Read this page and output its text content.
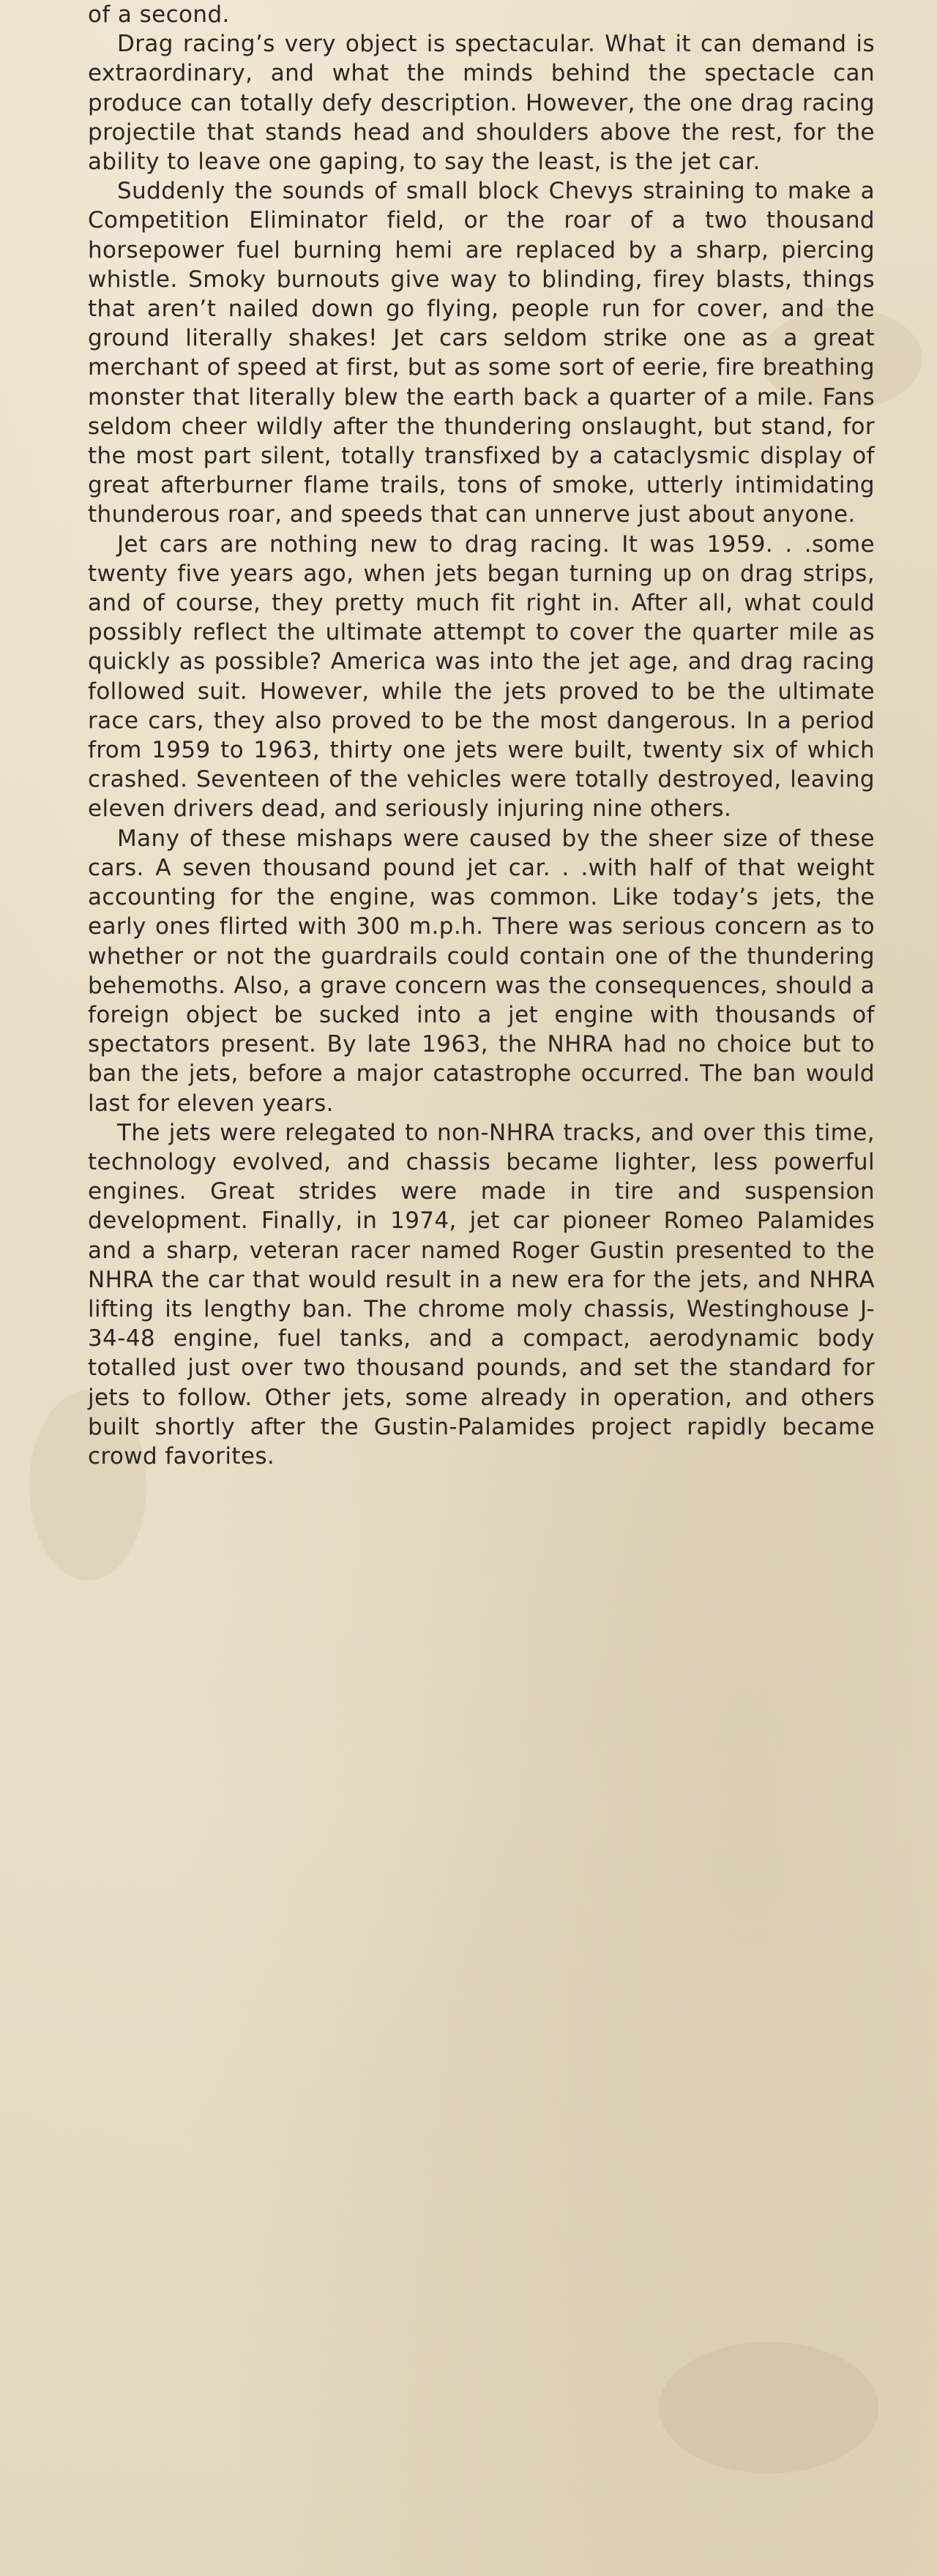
of a second.

Drag racing’s very object is spectacular. What it can demand is extraordinary, and what the minds behind the spectacle can produce can totally defy description. However, the one drag racing projectile that stands head and shoulders above the rest, for the ability to leave one gaping, to say the least, is the jet car.

Suddenly the sounds of small block Chevys straining to make a Competition Eliminator field, or the roar of a two thousand horsepower fuel burning hemi are replaced by a sharp, piercing whistle. Smoky burnouts give way to blinding, firey blasts, things that aren’t nailed down go flying, people run for cover, and the ground literally shakes! Jet cars seldom strike one as a great merchant of speed at first, but as some sort of eerie, fire breathing monster that literally blew the earth back a quarter of a mile. Fans seldom cheer wildly after the thundering onslaught, but stand, for the most part silent, totally transfixed by a cataclysmic display of great afterburner flame trails, tons of smoke, utterly intimidating thunderous roar, and speeds that can unnerve just about anyone.

Jet cars are nothing new to drag racing. It was 1959. . .some twenty five years ago, when jets began turning up on drag strips, and of course, they pretty much fit right in. After all, what could possibly reflect the ultimate attempt to cover the quarter mile as quickly as possible? America was into the jet age, and drag racing followed suit. However, while the jets proved to be the ultimate race cars, they also proved to be the most dangerous. In a period from 1959 to 1963, thirty one jets were built, twenty six of which crashed. Seventeen of the vehicles were totally destroyed, leaving eleven drivers dead, and seriously injuring nine others.

Many of these mishaps were caused by the sheer size of these cars. A seven thousand pound jet car. . .with half of that weight accounting for the engine, was common. Like today’s jets, the early ones flirted with 300 m.p.h. There was serious concern as to whether or not the guardrails could contain one of the thundering behemoths. Also, a grave concern was the consequences, should a foreign object be sucked into a jet engine with thousands of spectators present. By late 1963, the NHRA had no choice but to ban the jets, before a major catastrophe occurred. The ban would last for eleven years.

The jets were relegated to non-NHRA tracks, and over this time, technology evolved, and chassis became lighter, less powerful engines. Great strides were made in tire and suspension development. Finally, in 1974, jet car pioneer Romeo Palamides and a sharp, veteran racer named Roger Gustin presented to the NHRA the car that would result in a new era for the jets, and NHRA lifting its lengthy ban. The chrome moly chassis, Westinghouse J-34-48 engine, fuel tanks, and a compact, aerodynamic body totalled just over two thousand pounds, and set the standard for jets to follow. Other jets, some already in operation, and others built shortly after the Gustin-Palamides project rapidly became crowd favorites.
